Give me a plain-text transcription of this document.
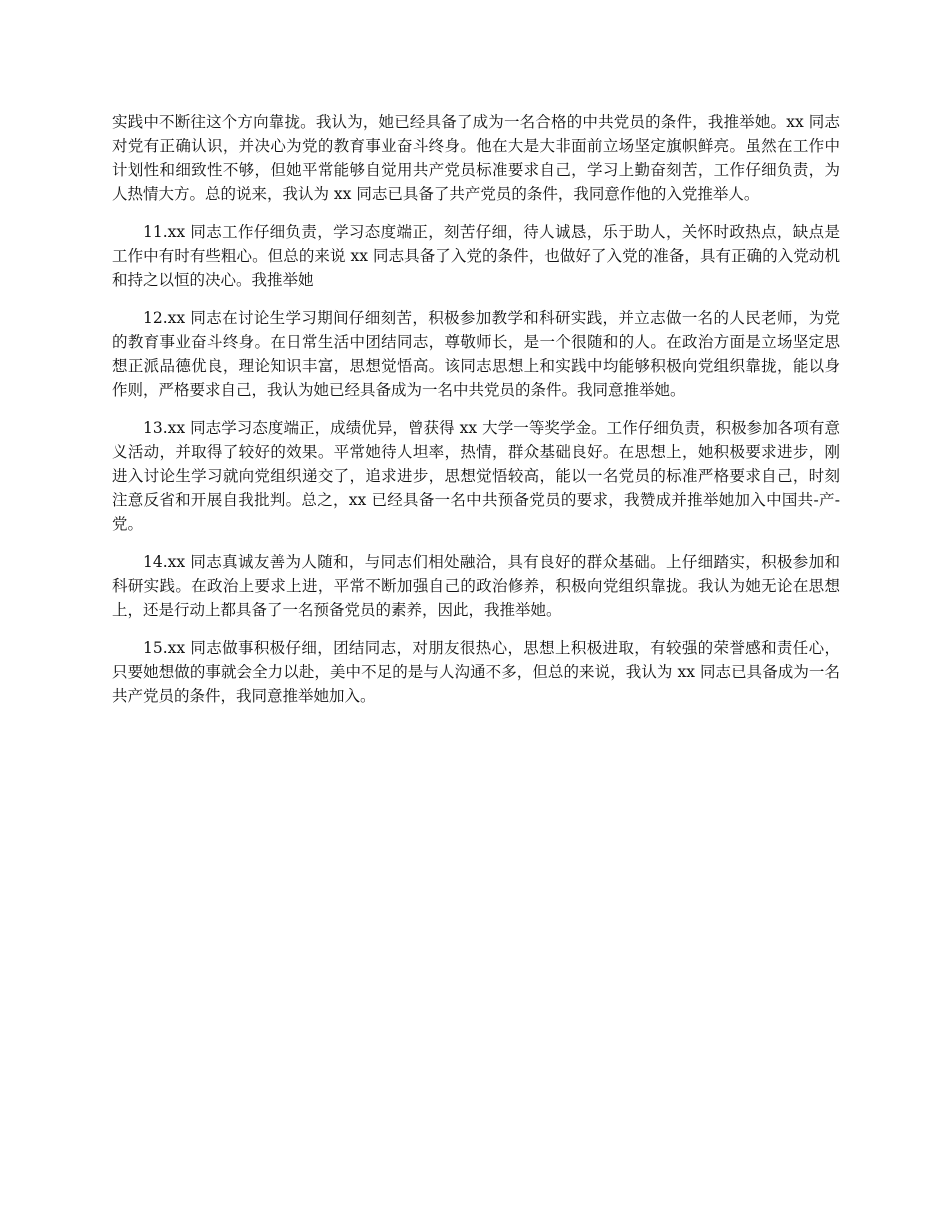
实践中不断往这个方向靠拢。我认为，她已经具备了成为一名合格的中共党员的条件，我推举她。xx 同志对党有正确认识，并决心为党的教育事业奋斗终身。他在大是大非面前立场坚定旗帜鲜亮。虽然在工作中计划性和细致性不够，但她平常能够自觉用共产党员标准要求自己，学习上勤奋刻苦，工作仔细负责，为人热情大方。总的说来，我认为 xx 同志已具备了共产党员的条件，我同意作他的入党推举人。

11.xx 同志工作仔细负责，学习态度端正，刻苦仔细，待人诚恳，乐于助人，关怀时政热点，缺点是工作中有时有些粗心。但总的来说 xx 同志具备了入党的条件，也做好了入党的准备，具有正确的入党动机和持之以恒的决心。我推举她

12.xx 同志在讨论生学习期间仔细刻苦，积极参加教学和科研实践，并立志做一名的人民老师，为党的教育事业奋斗终身。在日常生活中团结同志，尊敬师长，是一个很随和的人。在政治方面是立场坚定思想正派品德优良，理论知识丰富，思想觉悟高。该同志思想上和实践中均能够积极向党组织靠拢，能以身作则，严格要求自己，我认为她已经具备成为一名中共党员的条件。我同意推举她。

13.xx 同志学习态度端正，成绩优异，曾获得 xx 大学一等奖学金。工作仔细负责，积极参加各项有意义活动，并取得了较好的效果。平常她待人坦率，热情，群众基础良好。在思想上，她积极要求进步，刚进入讨论生学习就向党组织递交了，追求进步，思想觉悟较高，能以一名党员的标准严格要求自己，时刻注意反省和开展自我批判。总之，xx 已经具备一名中共预备党员的要求，我赞成并推举她加入中国共-产-党。

14.xx 同志真诚友善为人随和，与同志们相处融洽，具有良好的群众基础。上仔细踏实，积极参加和科研实践。在政治上要求上进，平常不断加强自己的政治修养，积极向党组织靠拢。我认为她无论在思想上，还是行动上都具备了一名预备党员的素养，因此，我推举她。

15.xx 同志做事积极仔细，团结同志，对朋友很热心，思想上积极进取，有较强的荣誉感和责任心，只要她想做的事就会全力以赴，美中不足的是与人沟通不多，但总的来说，我认为 xx 同志已具备成为一名共产党员的条件，我同意推举她加入。
